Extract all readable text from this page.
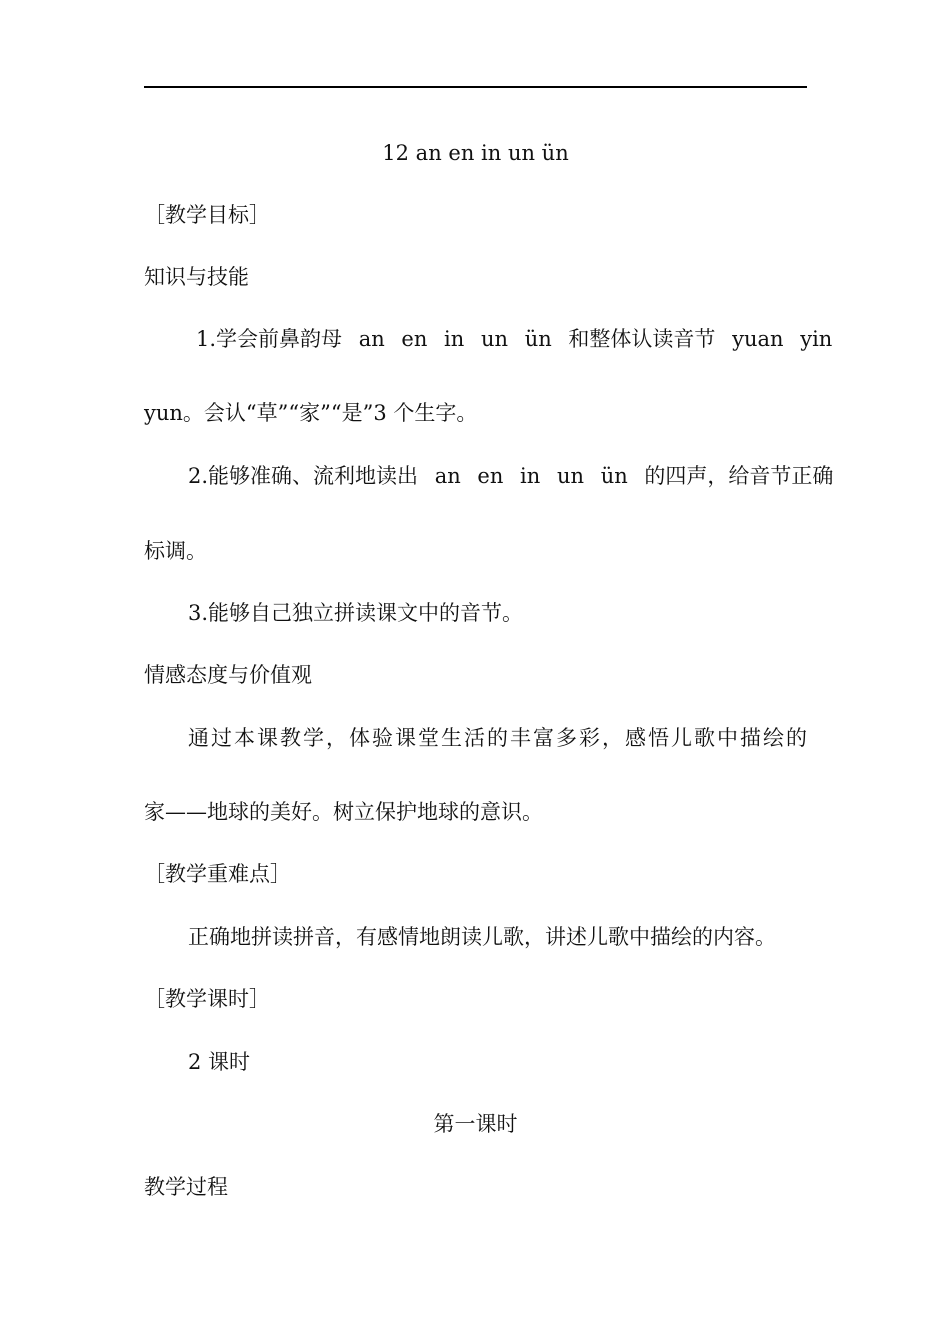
12 an en in un ün
［教学目标］
知识与技能
1.学会前鼻韵母 an en in un ün 和整体认读音节 yuan yin
yun。会认“草”“家”“是”3 个生字。
2.能够准确、流利地读出 an en in un ün 的四声，给音节正确
标调。
3.能够自己独立拼读课文中的音节。
情感态度与价值观
通过本课教学，体验课堂生活的丰富多彩，感悟儿歌中描绘的
家——地球的美好。树立保护地球的意识。
［教学重难点］
正确地拼读拼音，有感情地朗读儿歌，讲述儿歌中描绘的内容。
［教学课时］
2 课时
第一课时
教学过程
